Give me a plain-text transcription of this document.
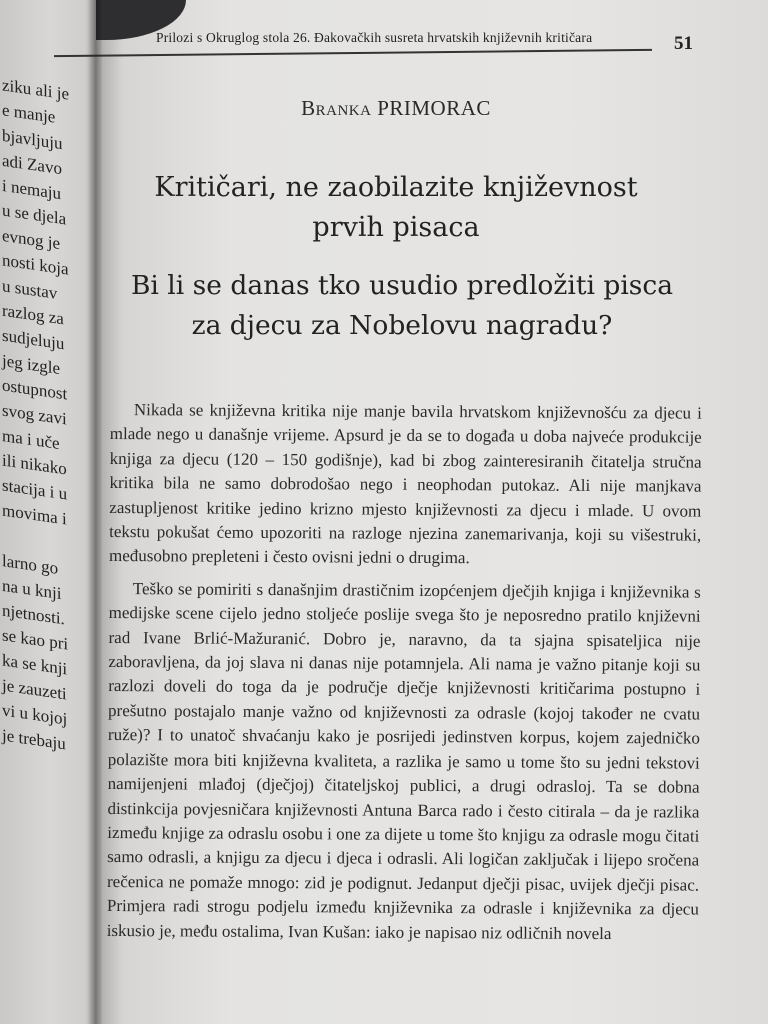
ziku ali je
e manje
bjavljuju
adi Zavo
i nemaju
u se djela
evnog je
nosti koja
u sustav
razlog za
sudjeluju
jeg izgle
ostupnost
svog zavi
ma i uče
ili nikako
stacija i u
movima i
larno go
na u knji
njetnosti.
se kao pri
ka se knji
je zauzeti
vi u kojoj
je trebaju
Prilozi s Okruglog stola 26. Đakovačkih susreta hrvatskih književnih kritičara	51
Branka PRIMORAC
Kritičari, ne zaobilazite književnost
prvih pisaca
Bi li se danas tko usudio predložiti pisca
za djecu za Nobelovu nagradu?

Nikada se književna kritika nije manje bavila hrvatskom književnošću za djecu i mlade nego u današnje vrijeme. Apsurd je da se to događa u doba najveće produkcije knjiga za djecu (120 – 150 godišnje), kad bi zbog zainteresiranih čitatelja stručna kritika bila ne samo dobrodošao nego i neophodan putokaz. Ali nije manjkava zastupljenost kritike jedino krizno mjesto književnosti za djecu i mlade. U ovom tekstu pokušat ćemo upozoriti na razloge njezina zanemarivanja, koji su višestruki, međusobno prepleteni i često ovisni jedni o drugima.

Teško se pomiriti s današnjim drastičnim izopćenjem dječjih knjiga i književnika s medijske scene cijelo jedno stoljeće poslije svega što je neposredno pratilo književni rad Ivane Brlić-Mažuranić. Dobro je, naravno, da ta sjajna spisateljica nije zaboravljena, da joj slava ni danas nije potamnjela. Ali nama je važno pitanje koji su razlozi doveli do toga da je područje dječje književnosti kritičarima postupno i prešutno postajalo manje važno od književnosti za odrasle (kojoj također ne cvatu ruže)? I to unatoč shvaćanju kako je posrijedi jedinstven korpus, kojem zajedničko polazište mora biti književna kvaliteta, a razlika je samo u tome što su jedni tekstovi namijenjeni mlađoj (dječjoj) čitateljskoj publici, a drugi odrasloj. Ta se dobna distinkcija povjesničara književnosti Antuna Barca rado i često citirala – da je razlika između knjige za odraslu osobu i one za dijete u tome što knjigu za odrasle mogu čitati samo odrasli, a knjigu za djecu i djeca i odrasli. Ali logičan zaključak i lijepo sročena rečenica ne pomaže mnogo: zid je podignut. Jedanput dječji pisac, uvijek dječji pisac. Primjera radi strogu podjelu između književnika za odrasle i književnika za djecu iskusio je, među ostalima, Ivan Kušan: iako je napisao niz odličnih novela
